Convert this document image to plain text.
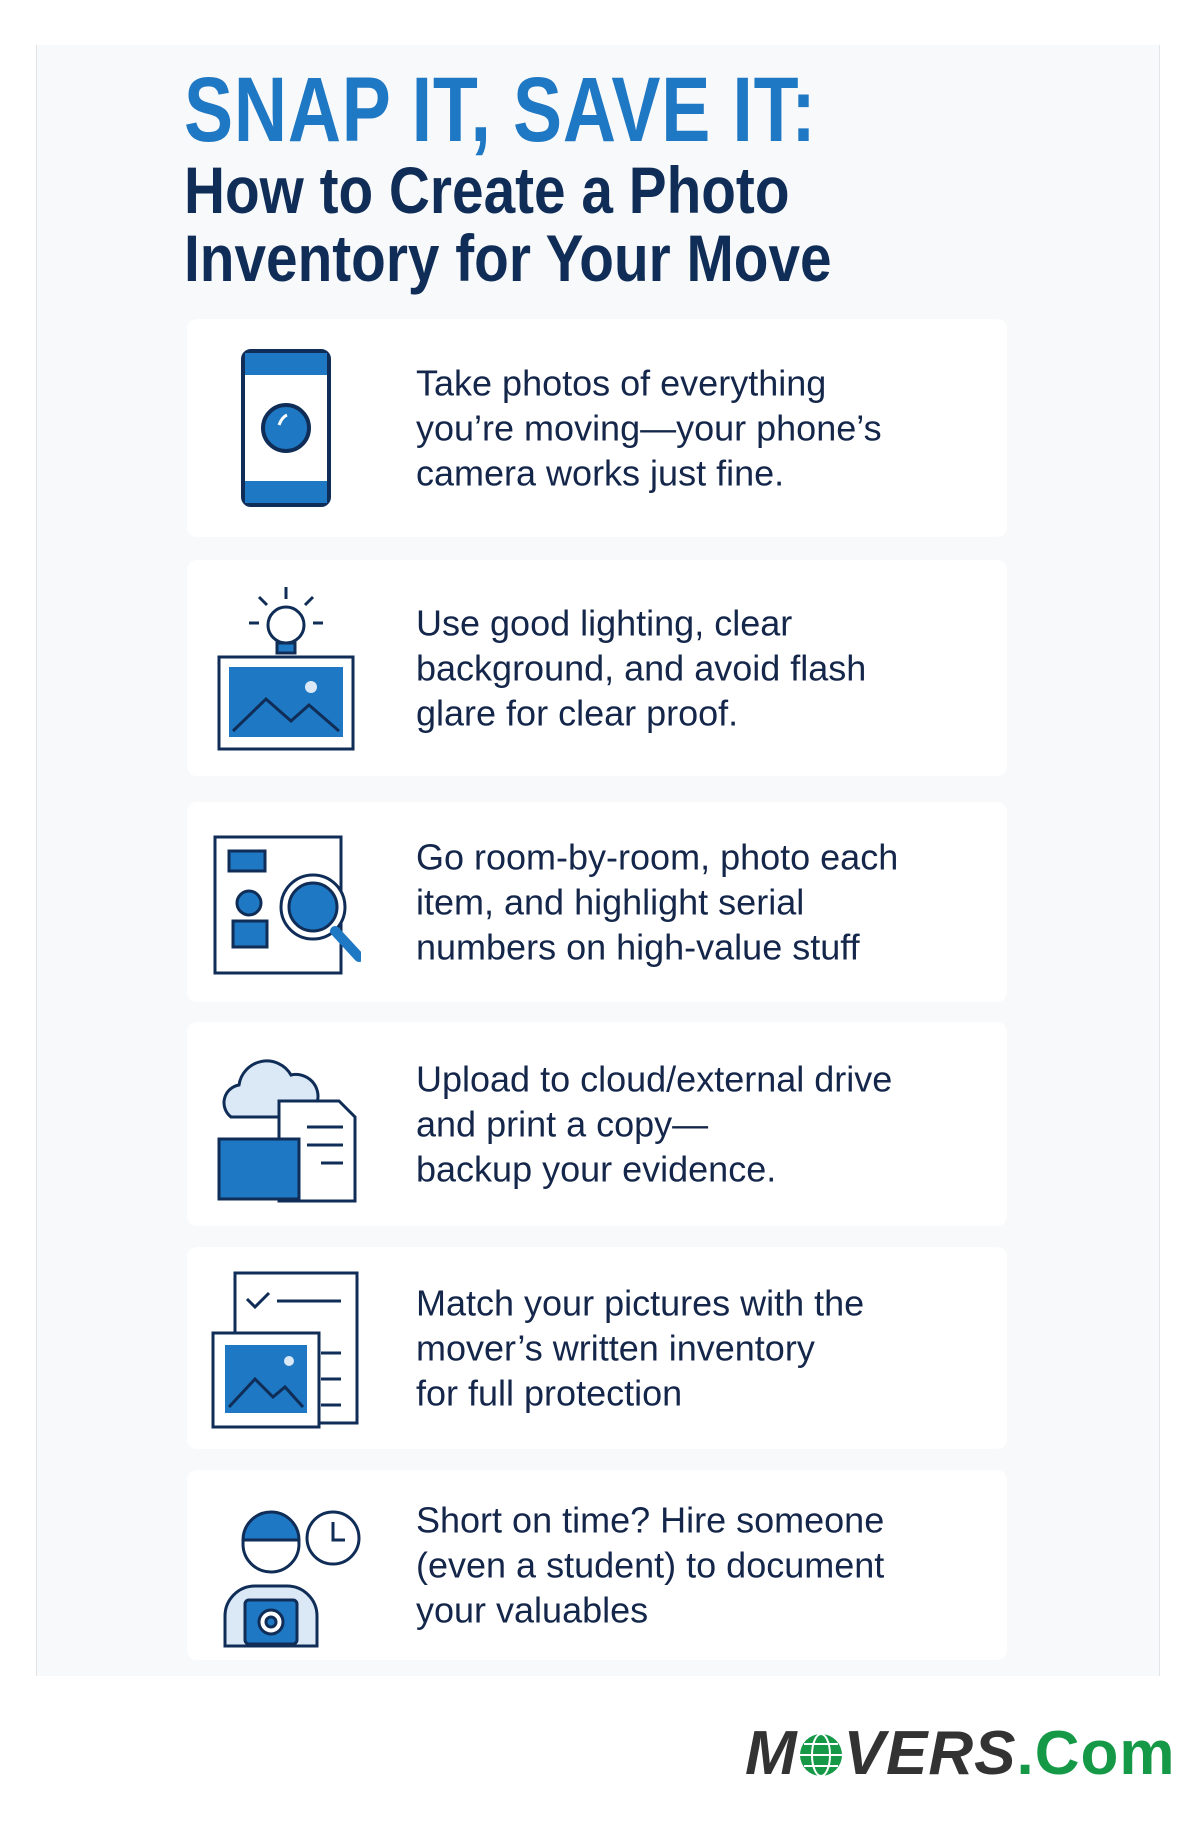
SNAP IT, SAVE IT:
How to Create a Photo
Inventory for Your Move
Take photos of everything
you’re moving—your phone’s
camera works just fine.
Use good lighting, clear
background, and avoid flash
glare for clear proof.
Go room-by-room, photo each
item, and highlight serial
numbers on high-value stuff
Upload to cloud/external drive
and print a copy—
backup your evidence.
Match your pictures with the
mover’s written inventory
for full protection
Short on time? Hire someone
(even a student) to document
your valuables
M VERS.Com
